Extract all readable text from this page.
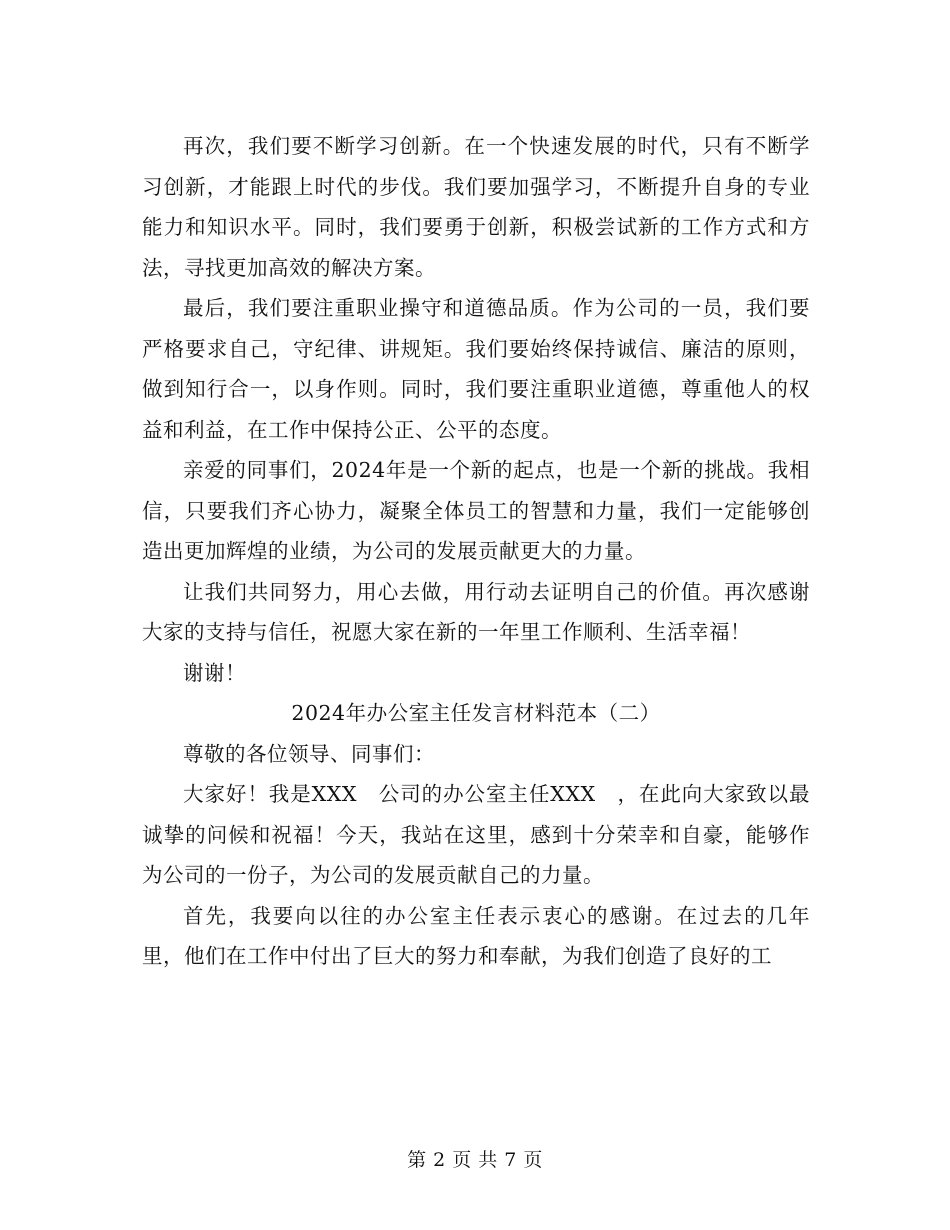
再次，我们要不断学习创新。在一个快速发展的时代，只有不断学习创新，才能跟上时代的步伐。我们要加强学习，不断提升自身的专业能力和知识水平。同时，我们要勇于创新，积极尝试新的工作方式和方法，寻找更加高效的解决方案。

最后，我们要注重职业操守和道德品质。作为公司的一员，我们要严格要求自己，守纪律、讲规矩。我们要始终保持诚信、廉洁的原则，做到知行合一，以身作则。同时，我们要注重职业道德，尊重他人的权益和利益，在工作中保持公正、公平的态度。

亲爱的同事们，2024年是一个新的起点，也是一个新的挑战。我相信，只要我们齐心协力，凝聚全体员工的智慧和力量，我们一定能够创造出更加辉煌的业绩，为公司的发展贡献更大的力量。

让我们共同努力，用心去做，用行动去证明自己的价值。再次感谢大家的支持与信任，祝愿大家在新的一年里工作顺利、生活幸福！

谢谢！

2024年办公室主任发言材料范本（二）

尊敬的各位领导、同事们：

大家好！我是XXX　公司的办公室主任XXX　，在此向大家致以最诚挚的问候和祝福！今天，我站在这里，感到十分荣幸和自豪，能够作为公司的一份子，为公司的发展贡献自己的力量。

首先，我要向以往的办公室主任表示衷心的感谢。在过去的几年里，他们在工作中付出了巨大的努力和奉献，为我们创造了良好的工

第 2 页 共 7 页
